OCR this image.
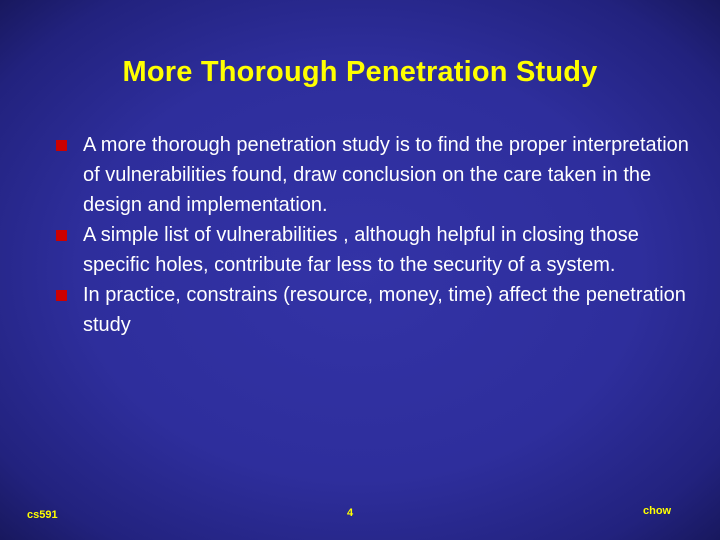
More Thorough Penetration Study
A more thorough penetration study is to find the proper interpretation of vulnerabilities found, draw conclusion on the care taken in the design and implementation.
A simple list of vulnerabilities , although helpful in closing those specific holes, contribute far less to the security of a system.
In practice, constrains (resource, money, time) affect the penetration study
cs591	4	chow
